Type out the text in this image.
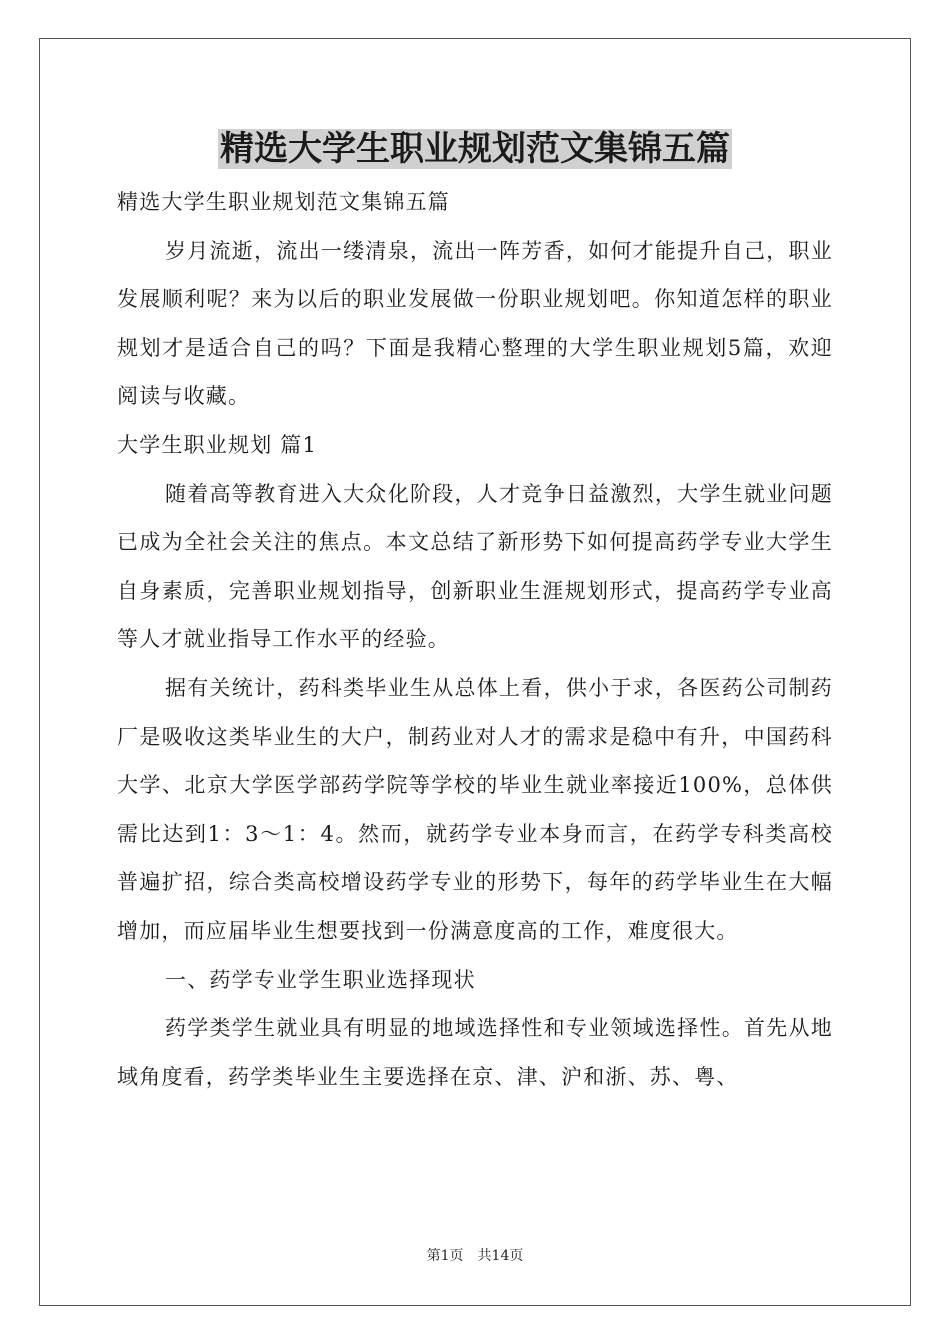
精选大学生职业规划范文集锦五篇

精选大学生职业规划范文集锦五篇

岁月流逝，流出一缕清泉，流出一阵芳香，如何才能提升自己，职业发展顺利呢？来为以后的职业发展做一份职业规划吧。你知道怎样的职业规划才是适合自己的吗？下面是我精心整理的大学生职业规划5篇，欢迎阅读与收藏。

大学生职业规划 篇1

随着高等教育进入大众化阶段，人才竞争日益激烈，大学生就业问题已成为全社会关注的焦点。本文总结了新形势下如何提高药学专业大学生自身素质，完善职业规划指导，创新职业生涯规划形式，提高药学专业高等人才就业指导工作水平的经验。

据有关统计，药科类毕业生从总体上看，供小于求，各医药公司制药厂是吸收这类毕业生的大户，制药业对人才的需求是稳中有升，中国药科大学、北京大学医学部药学院等学校的毕业生就业率接近100%，总体供需比达到1：3～1：4。然而，就药学专业本身而言，在药学专科类高校普遍扩招，综合类高校增设药学专业的形势下，每年的药学毕业生在大幅增加，而应届毕业生想要找到一份满意度高的工作，难度很大。

一、药学专业学生职业选择现状

药学类学生就业具有明显的地域选择性和专业领域选择性。首先从地域角度看，药学类毕业生主要选择在京、津、沪和浙、苏、粤、

第1页　共14页
